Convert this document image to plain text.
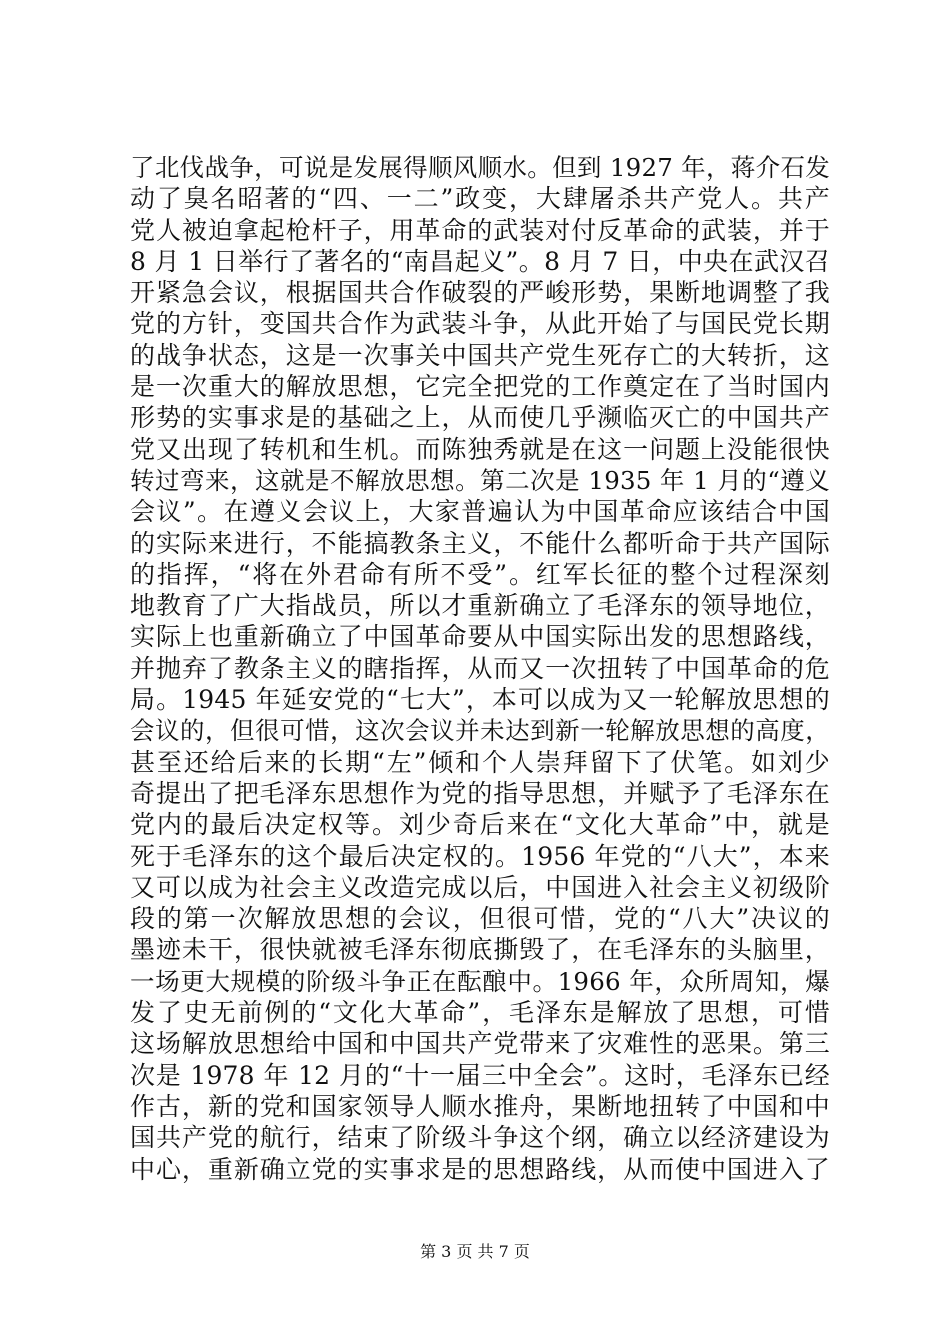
了北伐战争，可说是发展得顺风顺水。但到 1927 年，蒋介石发
动了臭名昭著的“四、一二”政变，大肆屠杀共产党人。共产
党人被迫拿起枪杆子，用革命的武装对付反革命的武装，并于
8 月 1 日举行了著名的“南昌起义”。8 月 7 日，中央在武汉召
开紧急会议，根据国共合作破裂的严峻形势，果断地调整了我
党的方针，变国共合作为武装斗争，从此开始了与国民党长期
的战争状态，这是一次事关中国共产党生死存亡的大转折，这
是一次重大的解放思想，它完全把党的工作奠定在了当时国内
形势的实事求是的基础之上，从而使几乎濒临灭亡的中国共产
党又出现了转机和生机。而陈独秀就是在这一问题上没能很快
转过弯来，这就是不解放思想。第二次是 1935 年 1 月的“遵义
会议”。在遵义会议上，大家普遍认为中国革命应该结合中国
的实际来进行，不能搞教条主义，不能什么都听命于共产国际
的指挥，“将在外君命有所不受”。红军长征的整个过程深刻
地教育了广大指战员，所以才重新确立了毛泽东的领导地位，
实际上也重新确立了中国革命要从中国实际出发的思想路线，
并抛弃了教条主义的瞎指挥，从而又一次扭转了中国革命的危
局。1945 年延安党的“七大”，本可以成为又一轮解放思想的
会议的，但很可惜，这次会议并未达到新一轮解放思想的高度，
甚至还给后来的长期“左”倾和个人崇拜留下了伏笔。如刘少
奇提出了把毛泽东思想作为党的指导思想，并赋予了毛泽东在
党内的最后决定权等。刘少奇后来在“文化大革命”中，就是
死于毛泽东的这个最后决定权的。1956 年党的“八大”，本来
又可以成为社会主义改造完成以后，中国进入社会主义初级阶
段的第一次解放思想的会议，但很可惜，党的“八大”决议的
墨迹未干，很快就被毛泽东彻底撕毁了，在毛泽东的头脑里，
一场更大规模的阶级斗争正在酝酿中。1966 年，众所周知，爆
发了史无前例的“文化大革命”，毛泽东是解放了思想，可惜
这场解放思想给中国和中国共产党带来了灾难性的恶果。第三
次是 1978 年 12 月的“十一届三中全会”。这时，毛泽东已经
作古，新的党和国家领导人顺水推舟，果断地扭转了中国和中
国共产党的航行，结束了阶级斗争这个纲，确立以经济建设为
中心，重新确立党的实事求是的思想路线，从而使中国进入了
第 3 页 共 7 页
